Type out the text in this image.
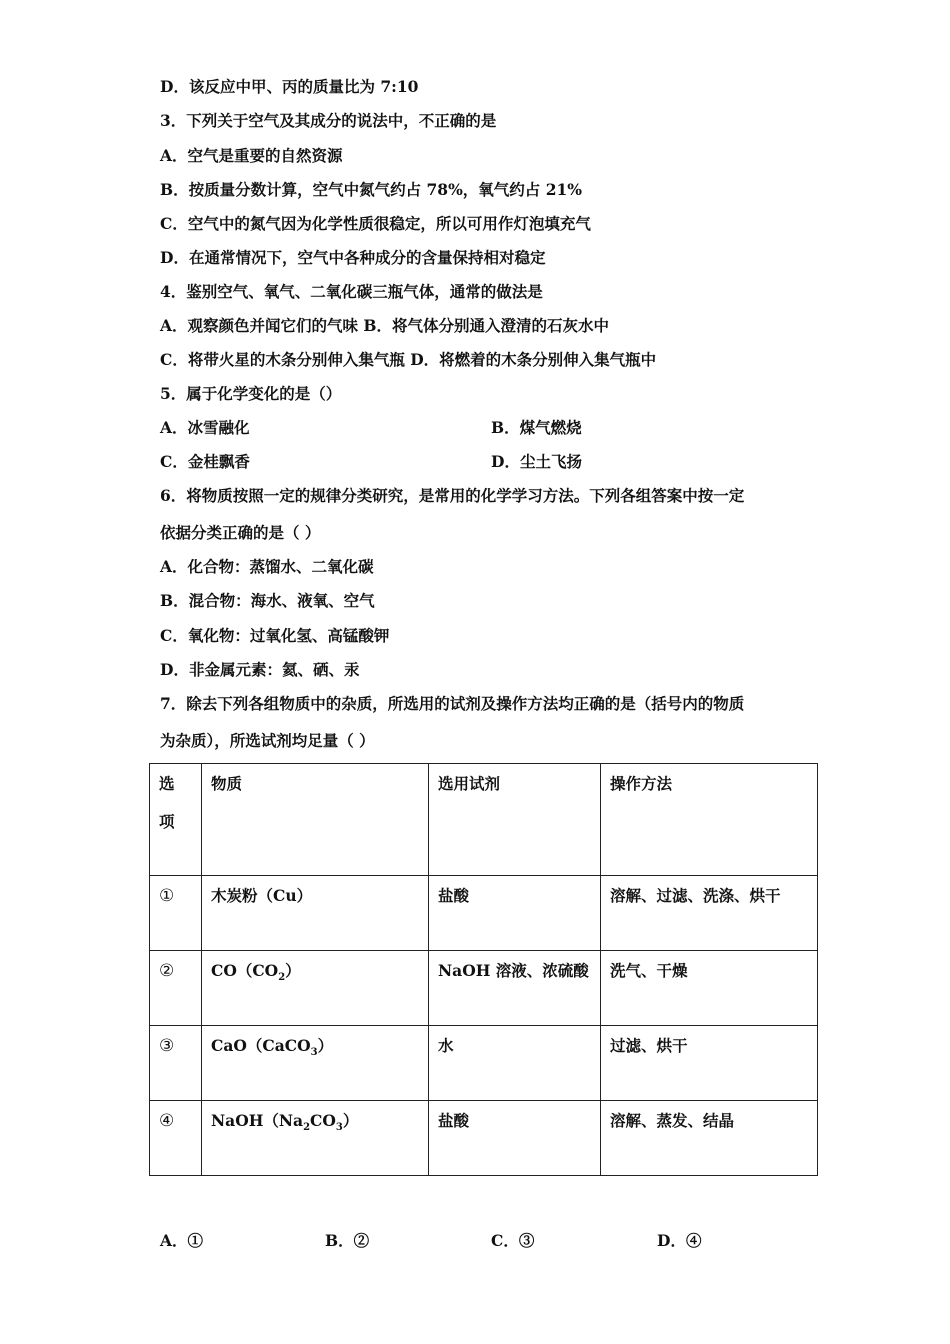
D．该反应中甲、丙的质量比为 7:10
3．下列关于空气及其成分的说法中，不正确的是
A．空气是重要的自然资源
B．按质量分数计算，空气中氮气约占 78%，氧气约占 21%
C．空气中的氮气因为化学性质很稳定，所以可用作灯泡填充气
D．在通常情况下，空气中各种成分的含量保持相对稳定
4．鉴别空气、氧气、二氧化碳三瓶气体，通常的做法是
A．观察颜色并闻它们的气味 B．将气体分别通入澄清的石灰水中
C．将带火星的木条分别伸入集气瓶 D．将燃着的木条分别伸入集气瓶中
5．属于化学变化的是（）
A．冰雪融化	B．煤气燃烧
C．金桂飘香	D．尘土飞扬
6．将物质按照一定的规律分类研究，是常用的化学学习方法。下列各组答案中按一定
依据分类正确的是（ ）
A．化合物：蒸馏水、二氧化碳
B．混合物：海水、液氧、空气
C．氧化物：过氧化氢、高锰酸钾
D．非金属元素：氦、硒、汞
7．除去下列各组物质中的杂质，所选用的试剂及操作方法均正确的是（括号内的物质
为杂质），所选试剂均足量（ ）
选
项	物质	选用试剂	操作方法
①	木炭粉（Cu）	盐酸	溶解、过滤、洗涤、烘干
②	$CO(CO_2)$	NaOH 溶液、浓硫酸	洗气、干燥
③	CaO（CaCO$_3$）	水	过滤、烘干
④	$NaOH(Na_2CO_3)$	盐酸	溶解、蒸发、结晶
A．①	B．②	C．③	D．④
